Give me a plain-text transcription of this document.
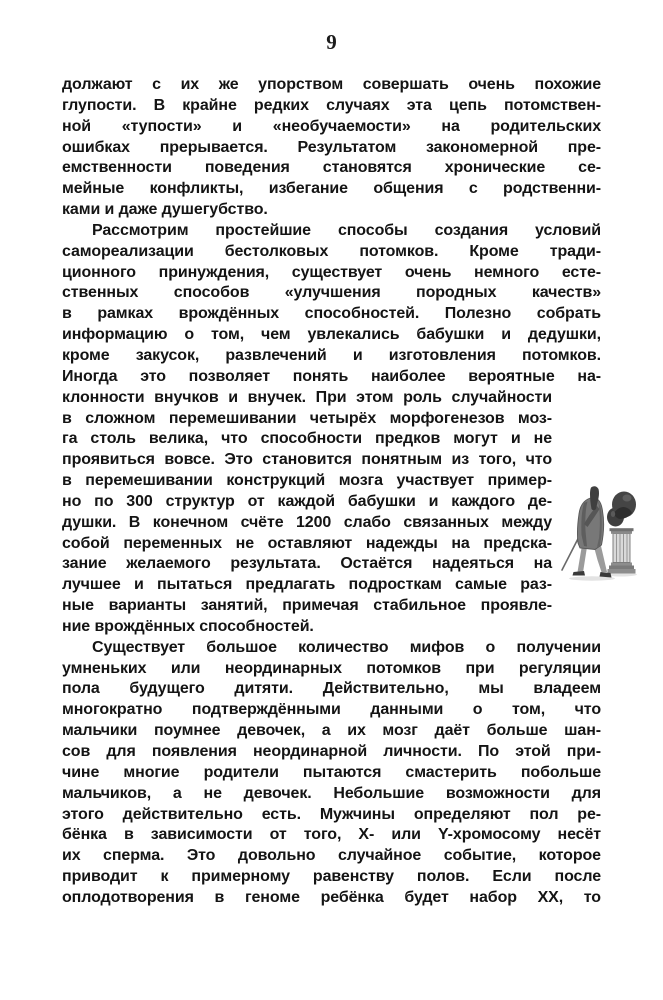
9
должают с их же упорством совершать очень похожие
глупости. В крайне редких случаях эта цепь потомствен-
ной «тупости» и «необучаемости» на родительских
ошибках прерывается. Результатом закономерной пре-
емственности поведения становятся хронические се-
мейные конфликты, избегание общения с родственни-
ками и даже душегубство.
Рассмотрим простейшие способы создания условий
самореализации бестолковых потомков. Кроме тради-
ционного принуждения, существует очень немного есте-
ственных способов «улучшения породных качеств»
в рамках врождённых способностей. Полезно собрать
информацию о том, чем увлекались бабушки и дедушки,
кроме закусок, развлечений и изготовления потомков.
Иногда это позволяет понять наиболее вероятные на-
клонности внучков и внучек. При этом роль случайности
в сложном перемешивании четырёх морфогенезов моз-
га столь велика, что способности предков могут и не
проявиться вовсе. Это становится понятным из того, что
в перемешивании конструкций мозга участвует пример-
но по 300 структур от каждой бабушки и каждого де-
душки. В конечном счёте 1200 слабо связанных между
собой переменных не оставляют надежды на предска-
зание желаемого результата. Остаётся надеяться на
лучшее и пытаться предлагать подросткам самые раз-
ные варианты занятий, примечая стабильное проявле-
ние врождённых способностей.
Существует большое количество мифов о получении
умненьких или неординарных потомков при регуляции
пола будущего дитяти. Действительно, мы владеем
многократно подтверждёнными данными о том, что
мальчики поумнее девочек, а их мозг даёт больше шан-
сов для появления неординарной личности. По этой при-
чине многие родители пытаются смастерить побольше
мальчиков, а не девочек. Небольшие возможности для
этого действительно есть. Мужчины определяют пол ре-
бёнка в зависимости от того, X- или Y-хромосому несёт
их сперма. Это довольно случайное событие, которое
приводит к примерному равенству полов. Если после
оплодотворения в геноме ребёнка будет набор XX, то
